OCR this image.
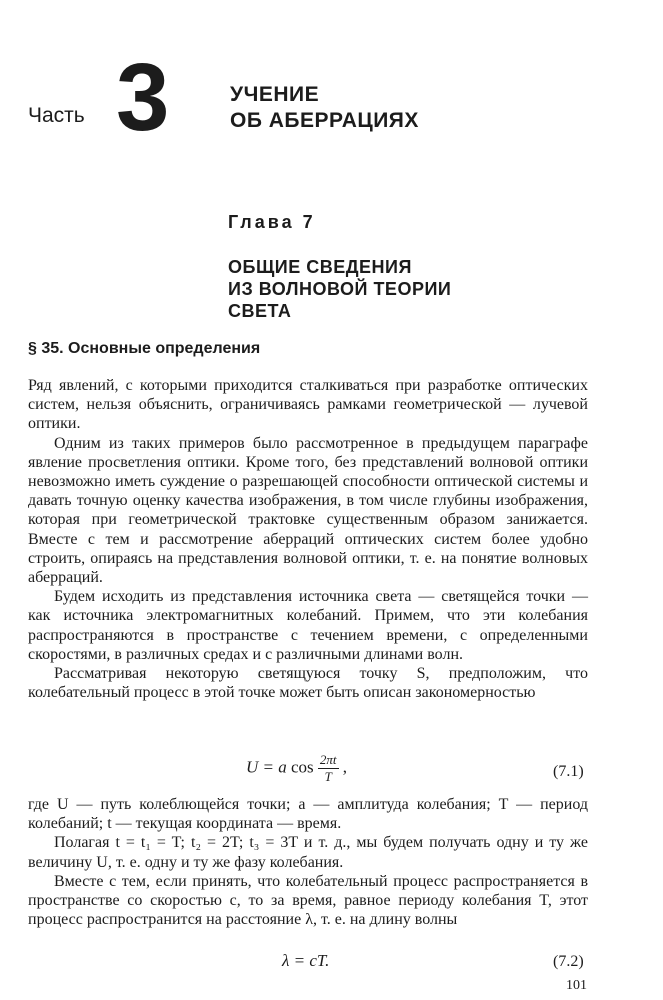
Часть 3	УЧЕНИЕ
ОБ АБЕРРАЦИЯХ
Глава 7
ОБЩИЕ СВЕДЕНИЯ
ИЗ ВОЛНОВОЙ ТЕОРИИ
СВЕТА
§ 35. Основные определения

Ряд явлений, с которыми приходится сталкиваться при разработке оптических систем, нельзя объяснить, ограничиваясь рамками геометрической — лучевой оптики.

Одним из таких примеров было рассмотренное в предыдущем параграфе явление просветления оптики. Кроме того, без представлений волновой оптики невозможно иметь суждение о разрешающей способности оптической системы и давать точную оценку качества изображения, в том числе глубины изображения, которая при геометрической трактовке существенным образом занижается. Вместе с тем и рассмотрение аберраций оптических систем более удобно строить, опираясь на представления волновой оптики, т. е. на понятие волновых аберраций.

Будем исходить из представления источника света — светящейся точки — как источника электромагнитных колебаний. Примем, что эти колебания распространяются в пространстве с течением времени, с определенными скоростями, в различных средах и с различными длинами волн.

Рассматривая некоторую светящуюся точку S, предположим, что колебательный процесс в этой точке может быть описан закономерностью

U = a $\cos \frac{2\pi t}{T}$ ,	(7.1)

где U — путь колеблющейся точки; a — амплитуда колебания; T — период колебаний; t — текущая координата — время.

Полагая t = t₁ = T; t₂ = 2T; t₃ = 3T и т. д., мы будем получать одну и ту же величину U, т. е. одну и ту же фазу колебания.

Вместе с тем, если принять, что колебательный процесс распространяется в пространстве со скоростью c, то за время, равное периоду колебания T, этот процесс распространится на расстояние λ, т. е. на длину волны

λ = cT.	(7.2)
101
